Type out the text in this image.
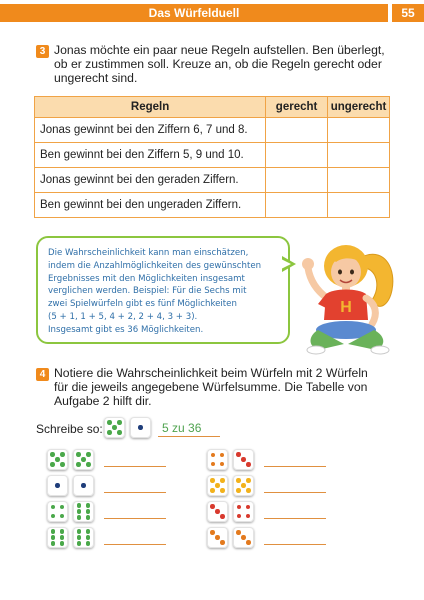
Das Würfelduell	55
3 Jonas möchte ein paar neue Regeln aufstellen. Ben überlegt,
ob er zustimmen soll. Kreuze an, ob die Regeln gerecht oder
ungerecht sind.
Regeln	gerecht	ungerecht
Jonas gewinnt bei den Ziffern 6, 7 und 8.		
Ben gewinnt bei den Ziffern 5, 9 und 10.		
Jonas gewinnt bei den geraden Ziffern.		
Ben gewinnt bei den ungeraden Ziffern.		
Die Wahrscheinlichkeit kann man einschätzen,
indem die Anzahlmöglichkeiten des gewünschten
Ergebnisses mit den Möglichkeiten insgesamt
verglichen werden. Beispiel: Für die Sechs mit
zwei Spielwürfeln gibt es fünf Möglichkeiten
(5 + 1, 1 + 5, 4 + 2, 2 + 4, 3 + 3).
Insgesamt gibt es 36 Möglichkeiten.
H
4 Notiere die Wahrscheinlichkeit beim Würfeln mit 2 Würfeln
für die jeweils angegebene Würfelsumme. Die Tabelle von
Aufgabe 2 hilft dir.
Schreibe so:	5 zu 36
